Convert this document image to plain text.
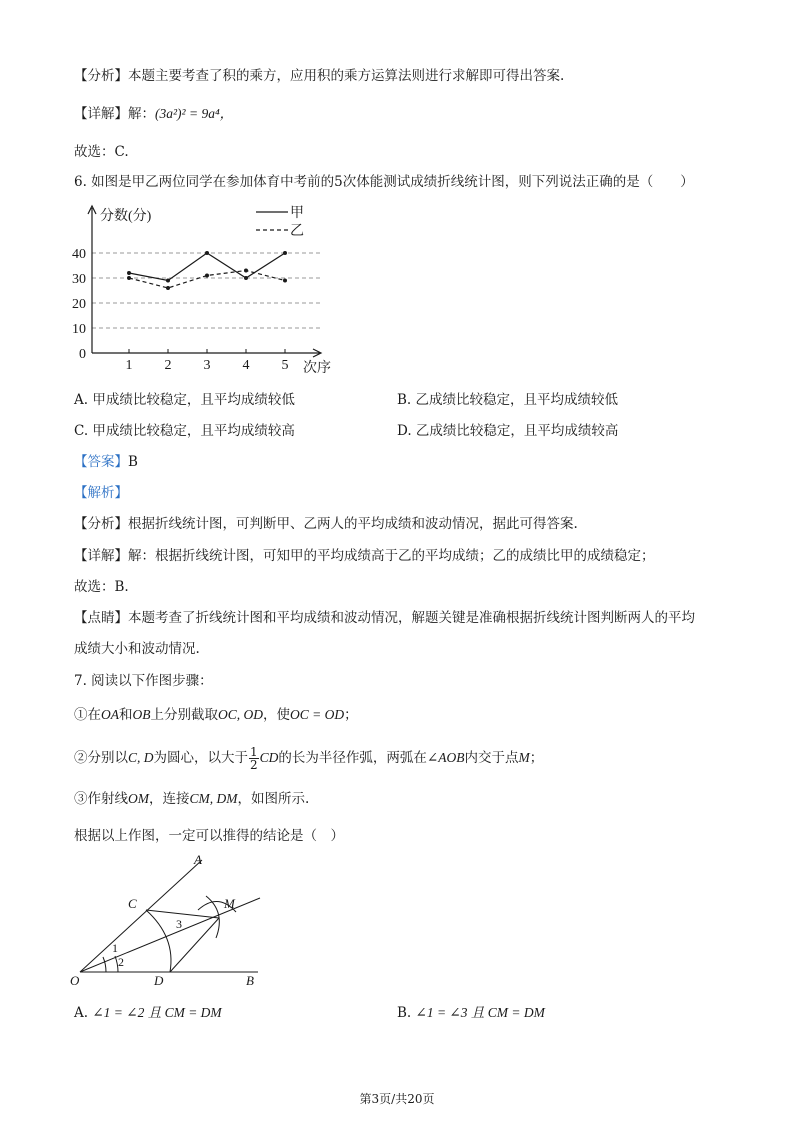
【分析】本题主要考查了积的乘方，应用积的乘方运算法则进行求解即可得出答案.
【详解】解：(3a²)² = 9a⁴，
故选：C.
6. 如图是甲乙两位同学在参加体育中考前的5次体能测试成绩折线统计图，则下列说法正确的是（　　）
分数(分)
次序
0
10
20
30
40
1 2 3 4 5
甲
乙
A. 甲成绩比较稳定，且平均成绩较低	B. 乙成绩比较稳定，且平均成绩较低
C. 甲成绩比较稳定，且平均成绩较高	D. 乙成绩比较稳定，且平均成绩较高
【答案】B
【解析】
【分析】根据折线统计图，可判断甲、乙两人的平均成绩和波动情况，据此可得答案.
【详解】解：根据折线统计图，可知甲的平均成绩高于乙的平均成绩；乙的成绩比甲的成绩稳定；
故选：B.
【点睛】本题考查了折线统计图和平均成绩和波动情况，解题关键是准确根据折线统计图判断两人的平均
成绩大小和波动情况.
7. 阅读以下作图步骤：
①在OA和OB上分别截取OC, OD，使OC = OD；
②分别以C, D为圆心，以大于 $\frac{1}{2}$ CD的长为半径作弧，两弧在∠AOB内交于点M；
③作射线OM，连接CM, DM，如图所示.
根据以上作图，一定可以推得的结论是（　）
A
B
C
D
M
O
1
2
3
A. ∠1 = ∠2 且 CM = DM	B. ∠1 = ∠3 且 CM = DM
第3页/共20页
